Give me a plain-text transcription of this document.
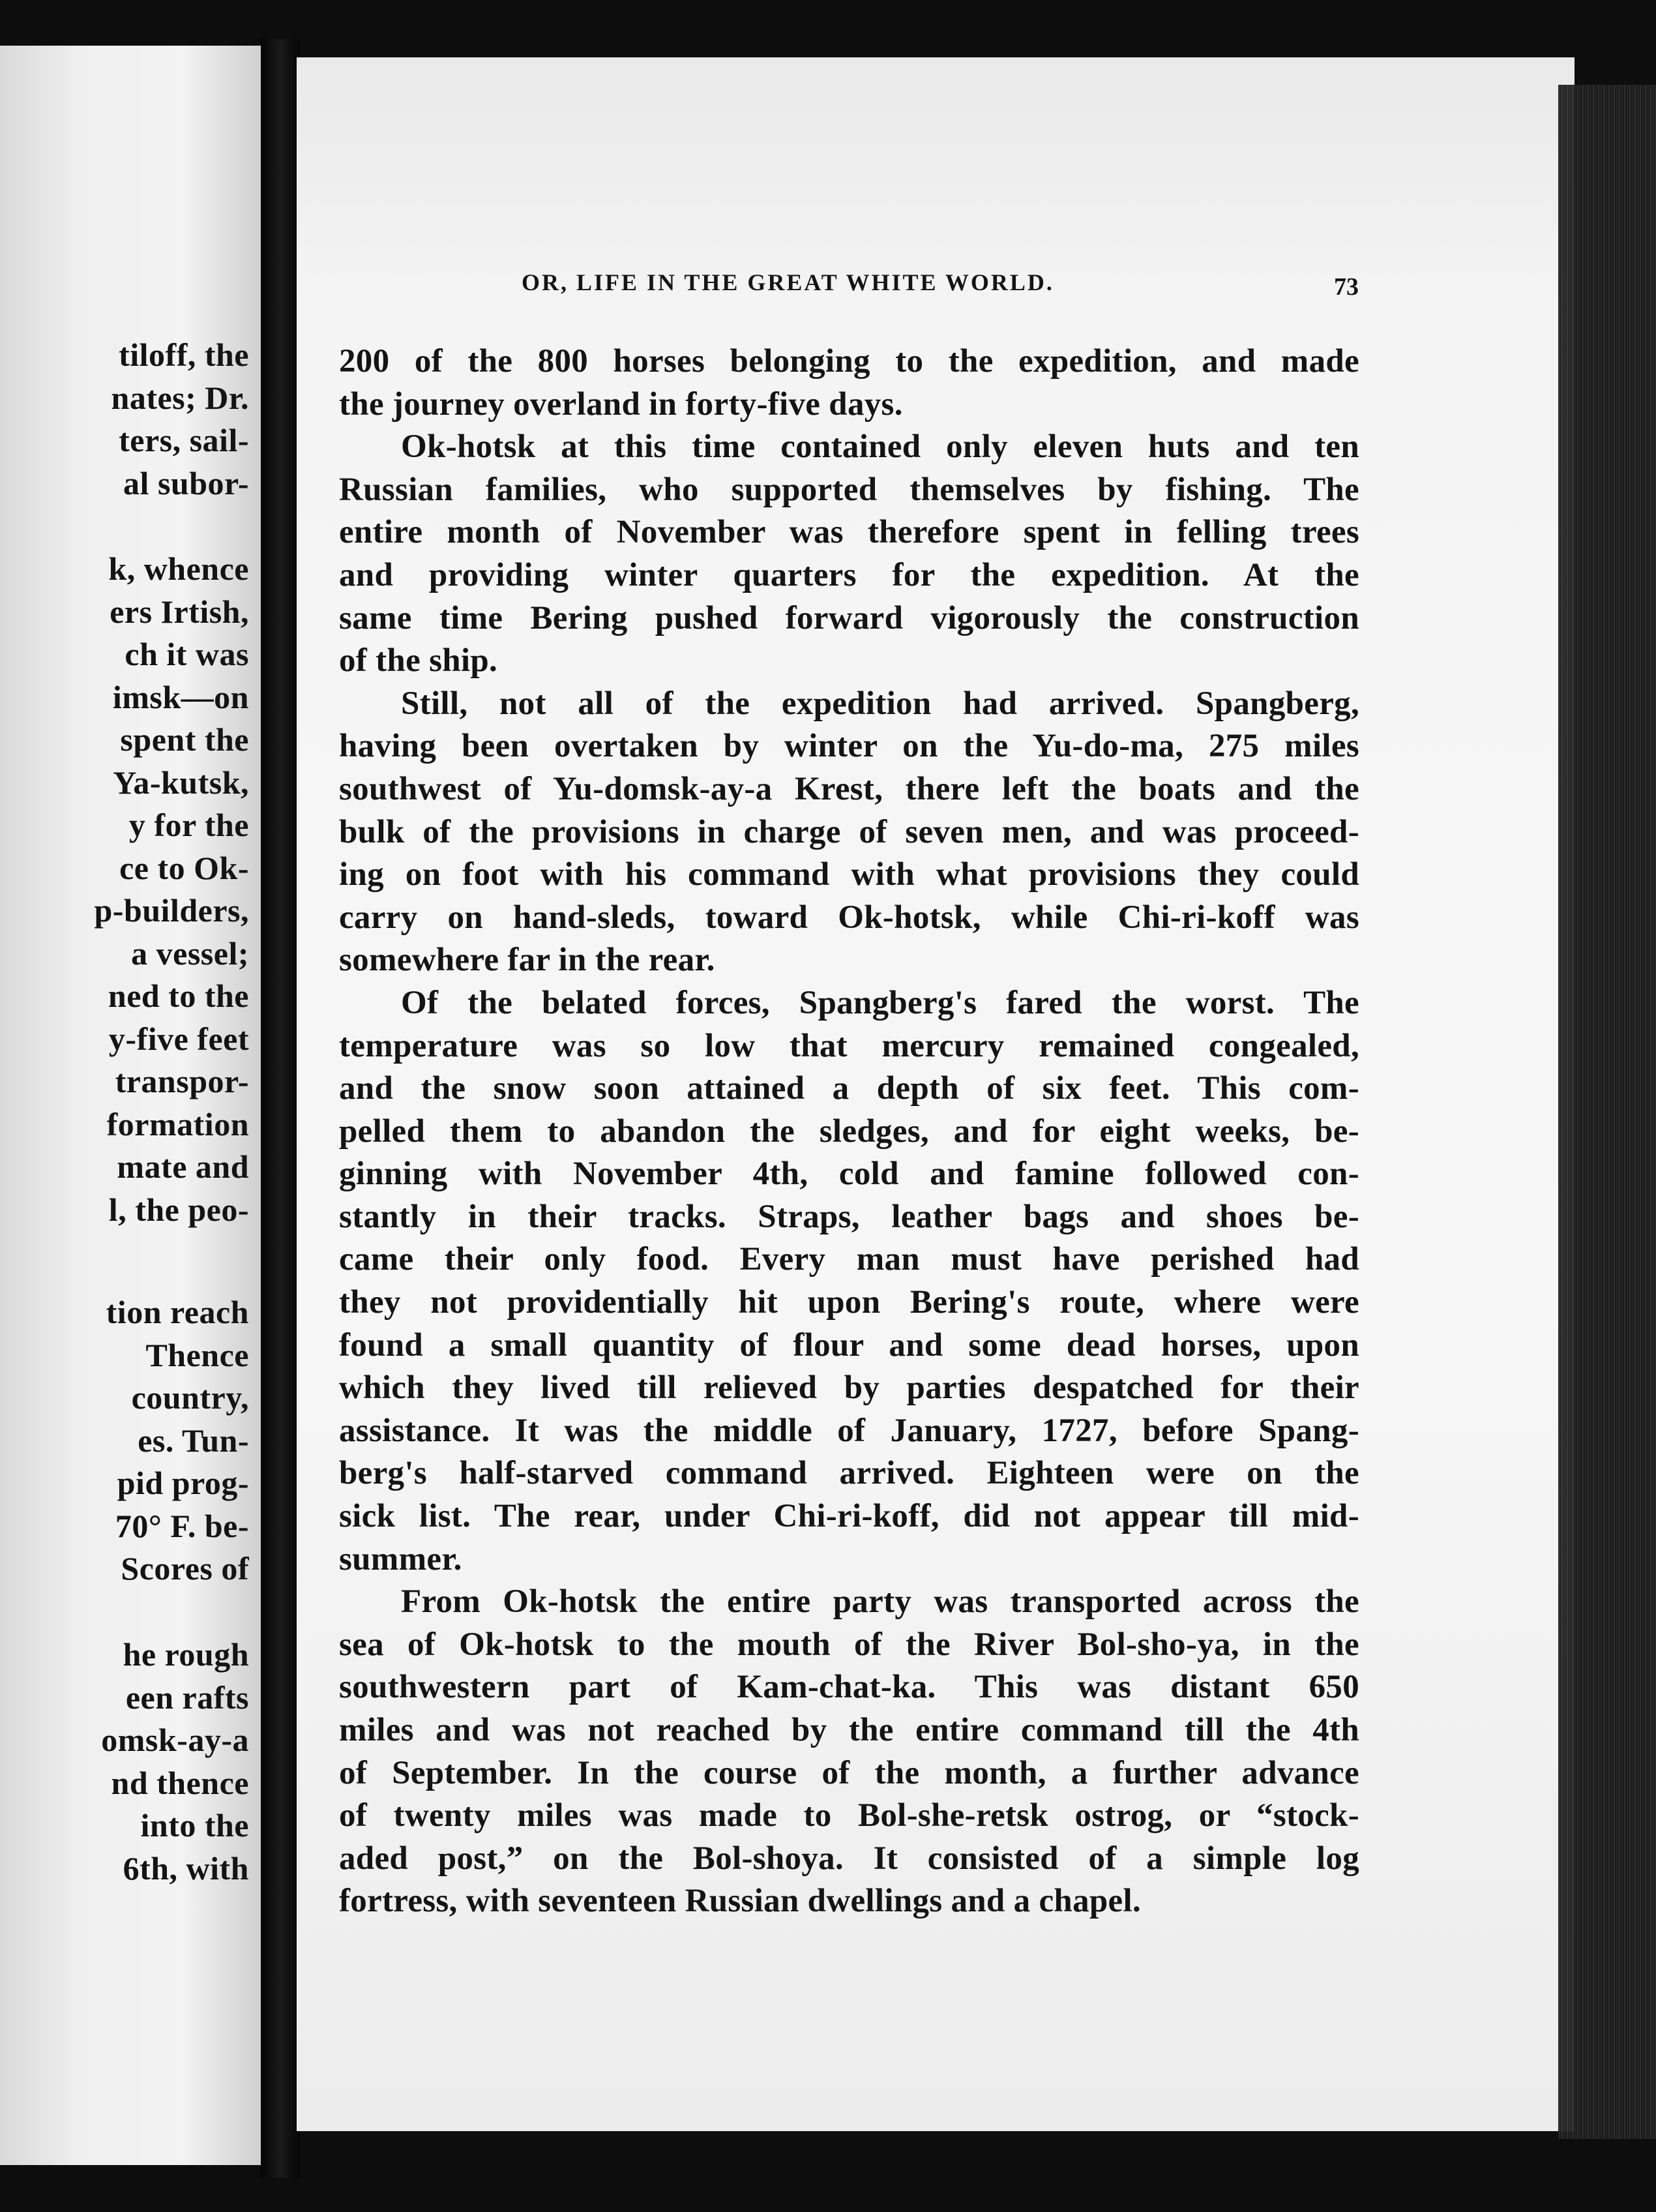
tiloff, the
nates; Dr.
ters, sail-
al subor-
k, whence
ers Irtish,
ch it was
imsk—on
spent the
Ya-kutsk,
y for the
ce to Ok-
p-builders,
a vessel;
ned to the
y-five feet
transpor-
formation
mate and
l, the peo-
tion reach
Thence
country,
es. Tun-
pid prog-
70° F. be-
Scores of
he rough
een rafts
omsk-ay-a
nd thence
into the
6th, with
OR, LIFE IN THE GREAT WHITE WORLD.	73
200 of the 800 horses belonging to the expedition, and made
the journey overland in forty-five days.
Ok-hotsk at this time contained only eleven huts and ten
Russian families, who supported themselves by fishing. The
entire month of November was therefore spent in felling trees
and providing winter quarters for the expedition. At the
same time Bering pushed forward vigorously the construction
of the ship.
Still, not all of the expedition had arrived. Spangberg,
having been overtaken by winter on the Yu-do-ma, 275 miles
southwest of Yu-domsk-ay-a Krest, there left the boats and the
bulk of the provisions in charge of seven men, and was proceed-
ing on foot with his command with what provisions they could
carry on hand-sleds, toward Ok-hotsk, while Chi-ri-koff was
somewhere far in the rear.
Of the belated forces, Spangberg's fared the worst. The
temperature was so low that mercury remained congealed,
and the snow soon attained a depth of six feet. This com-
pelled them to abandon the sledges, and for eight weeks, be-
ginning with November 4th, cold and famine followed con-
stantly in their tracks. Straps, leather bags and shoes be-
came their only food. Every man must have perished had
they not providentially hit upon Bering's route, where were
found a small quantity of flour and some dead horses, upon
which they lived till relieved by parties despatched for their
assistance. It was the middle of January, 1727, before Spang-
berg's half-starved command arrived. Eighteen were on the
sick list. The rear, under Chi-ri-koff, did not appear till mid-
summer.
From Ok-hotsk the entire party was transported across the
sea of Ok-hotsk to the mouth of the River Bol-sho-ya, in the
southwestern part of Kam-chat-ka. This was distant 650
miles and was not reached by the entire command till the 4th
of September. In the course of the month, a further advance
of twenty miles was made to Bol-she-retsk ostrog, or “stock-
aded post,” on the Bol-shoya. It consisted of a simple log
fortress, with seventeen Russian dwellings and a chapel.
